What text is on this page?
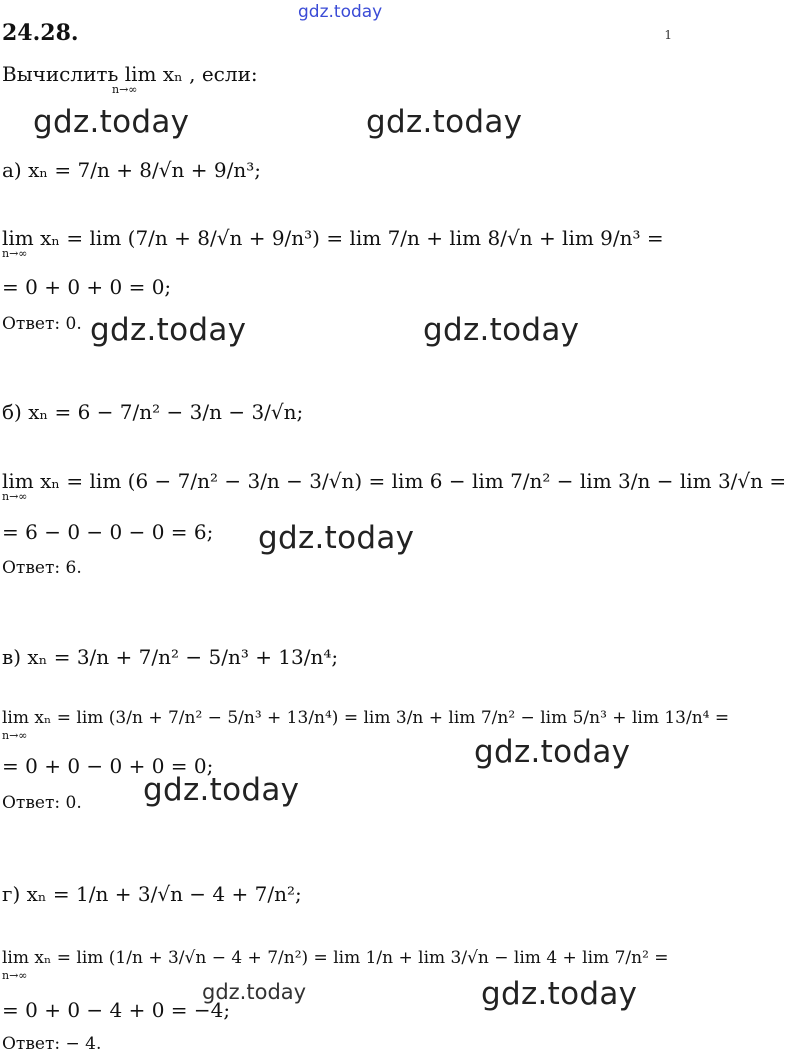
gdz.today
24.28.	1
Вычислить lim xₙ , если:
n→∞
gdz.today	gdz.today
gdz.today	gdz.today
gdz.today
gdz.today
gdz.today
gdz.today	gdz.today
а) xₙ = 7/n + 8/√n + 9/n³;
lim xₙ = lim (7/n + 8/√n + 9/n³) = lim 7/n + lim 8/√n + lim 9/n³ =
n→∞
= 0 + 0 + 0 = 0;
Ответ: 0.
б) xₙ = 6 − 7/n² − 3/n − 3/√n;
lim xₙ = lim (6 − 7/n² − 3/n − 3/√n) = lim 6 − lim 7/n² − lim 3/n − lim 3/√n =
n→∞
= 6 − 0 − 0 − 0 = 6;
Ответ: 6.
в) xₙ = 3/n + 7/n² − 5/n³ + 13/n⁴;
lim xₙ = lim (3/n + 7/n² − 5/n³ + 13/n⁴) = lim 3/n + lim 7/n² − lim 5/n³ + lim 13/n⁴ =
n→∞
= 0 + 0 − 0 + 0 = 0;
Ответ: 0.
г) xₙ = 1/n + 3/√n − 4 + 7/n²;
lim xₙ = lim (1/n + 3/√n − 4 + 7/n²) = lim 1/n + lim 3/√n − lim 4 + lim 7/n² =
n→∞
= 0 + 0 − 4 + 0 = −4;
Ответ: − 4.
